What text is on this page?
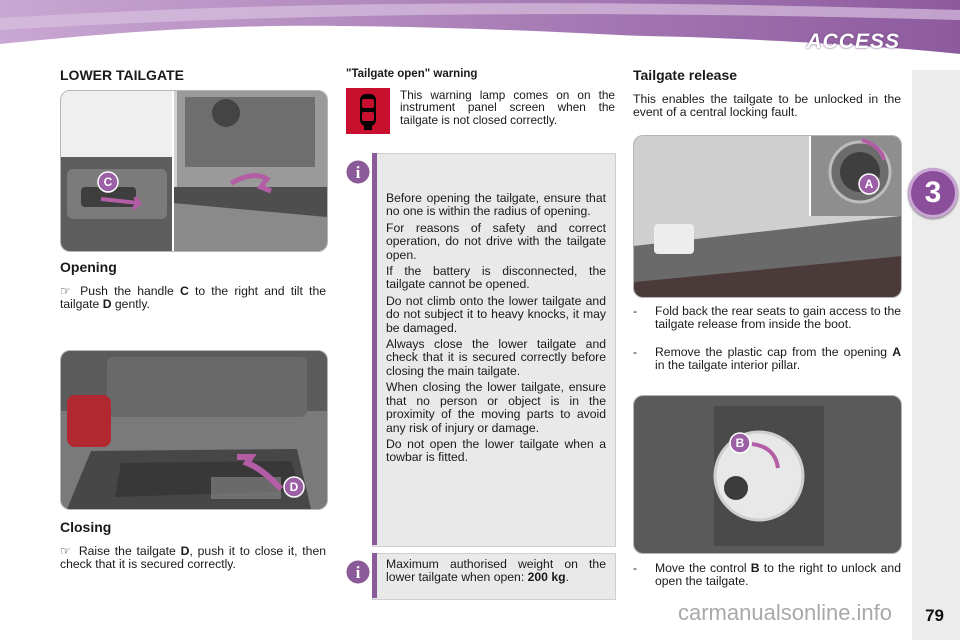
ACCESS
3
LOWER TAILGATE
C
Opening
☞ Push the handle C to the right and tilt the tailgate D gently.
D
Closing
☞ Raise the tailgate D, push it to close it, then check that it is secured correctly.
"Tailgate open" warning
This warning lamp comes on on the instrument panel screen when the tailgate is not closed correctly.
i

Before opening the tailgate, ensure that no one is within the radius of opening.

For reasons of safety and correct operation, do not drive with the tailgate open.

If the battery is disconnected, the tailgate cannot be opened.

Do not climb onto the lower tailgate and do not subject it to heavy knocks, it may be damaged.

Always close the lower tailgate and check that it is secured correctly before closing the main tailgate.

When closing the lower tailgate, ensure that no person or object is in the proximity of the moving parts to avoid any risk of injury or damage.

Do not open the lower tailgate when a towbar is fitted.

i Maximum authorised weight on the lower tailgate when open: 200 kg.
Tailgate release
This enables the tailgate to be unlocked in the event of a central locking fault.
A
-	Fold back the rear seats to gain access to the tailgate release from inside the boot.
-	Remove the plastic cap from the opening A in the tailgate interior pillar.
B
-	Move the control B to the right to unlock and open the tailgate.
carmanualsonline.info 79
